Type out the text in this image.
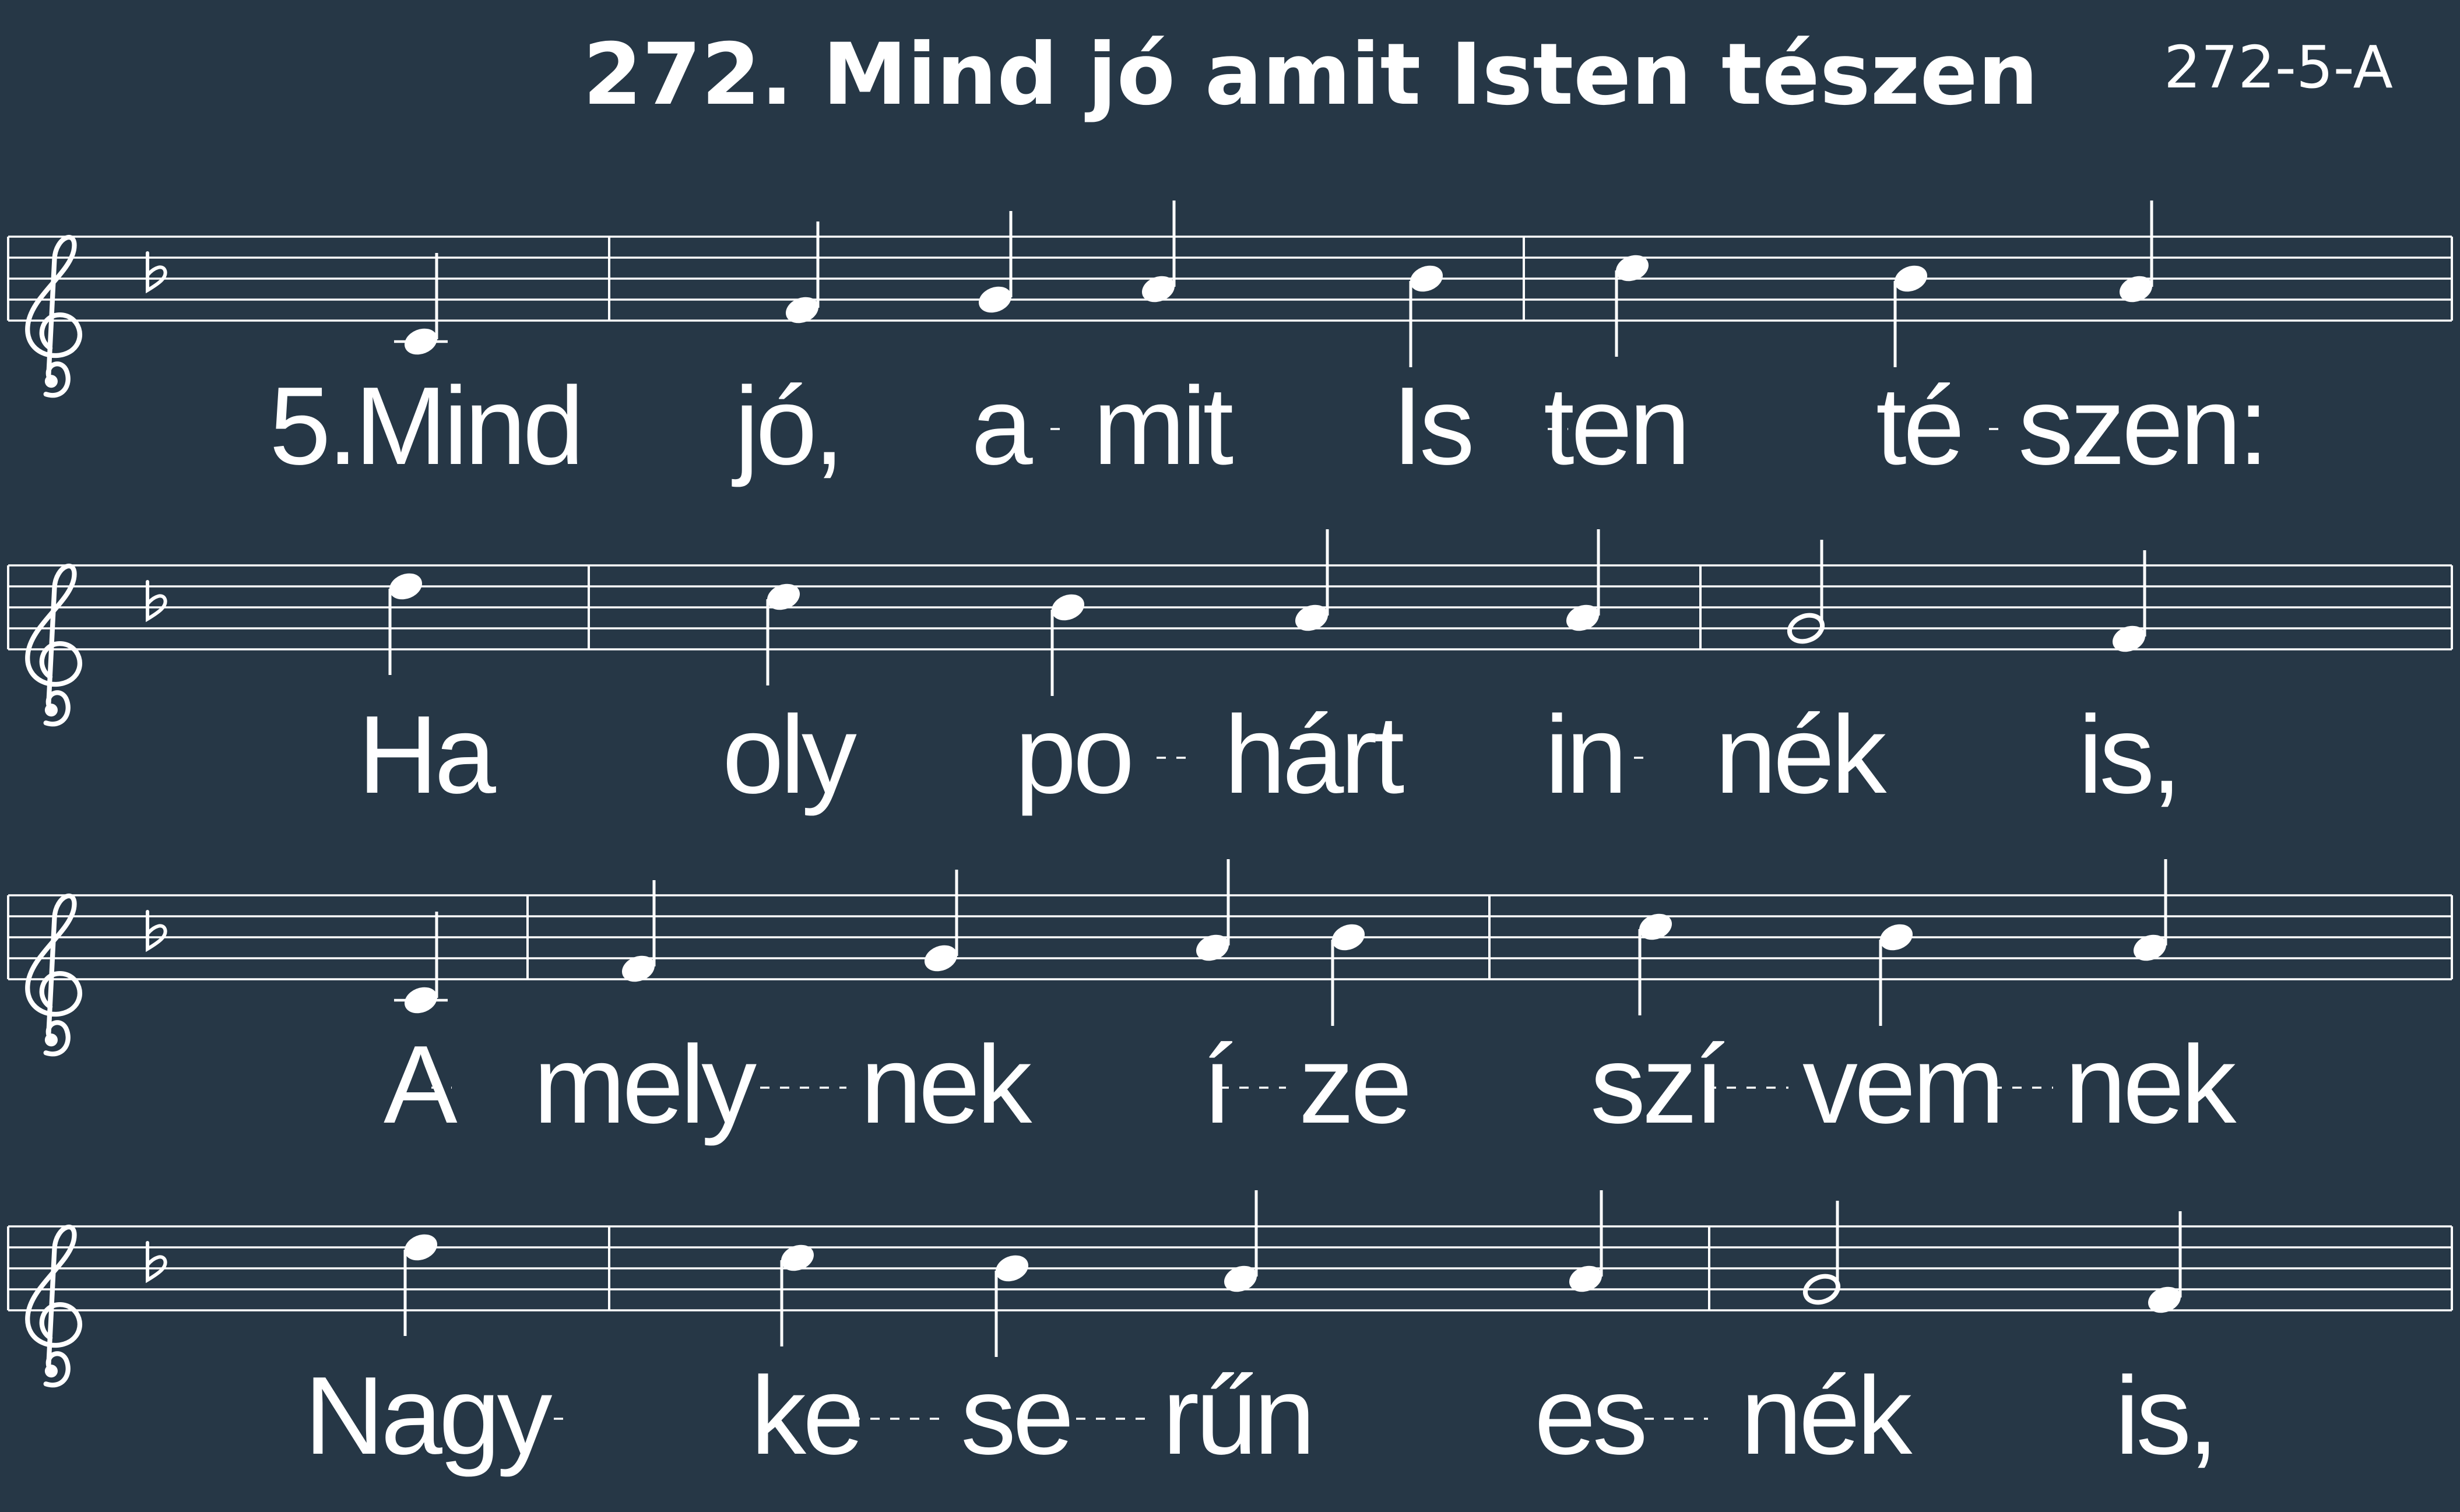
272. Mind jó amit Isten tészen 272-5-A
5.Mind jó, a mit Is ten té szen:
Ha oly po hárt in nék is,
A mely nek í ze szí vem nek
Nagy ke se rűn es nék is,
